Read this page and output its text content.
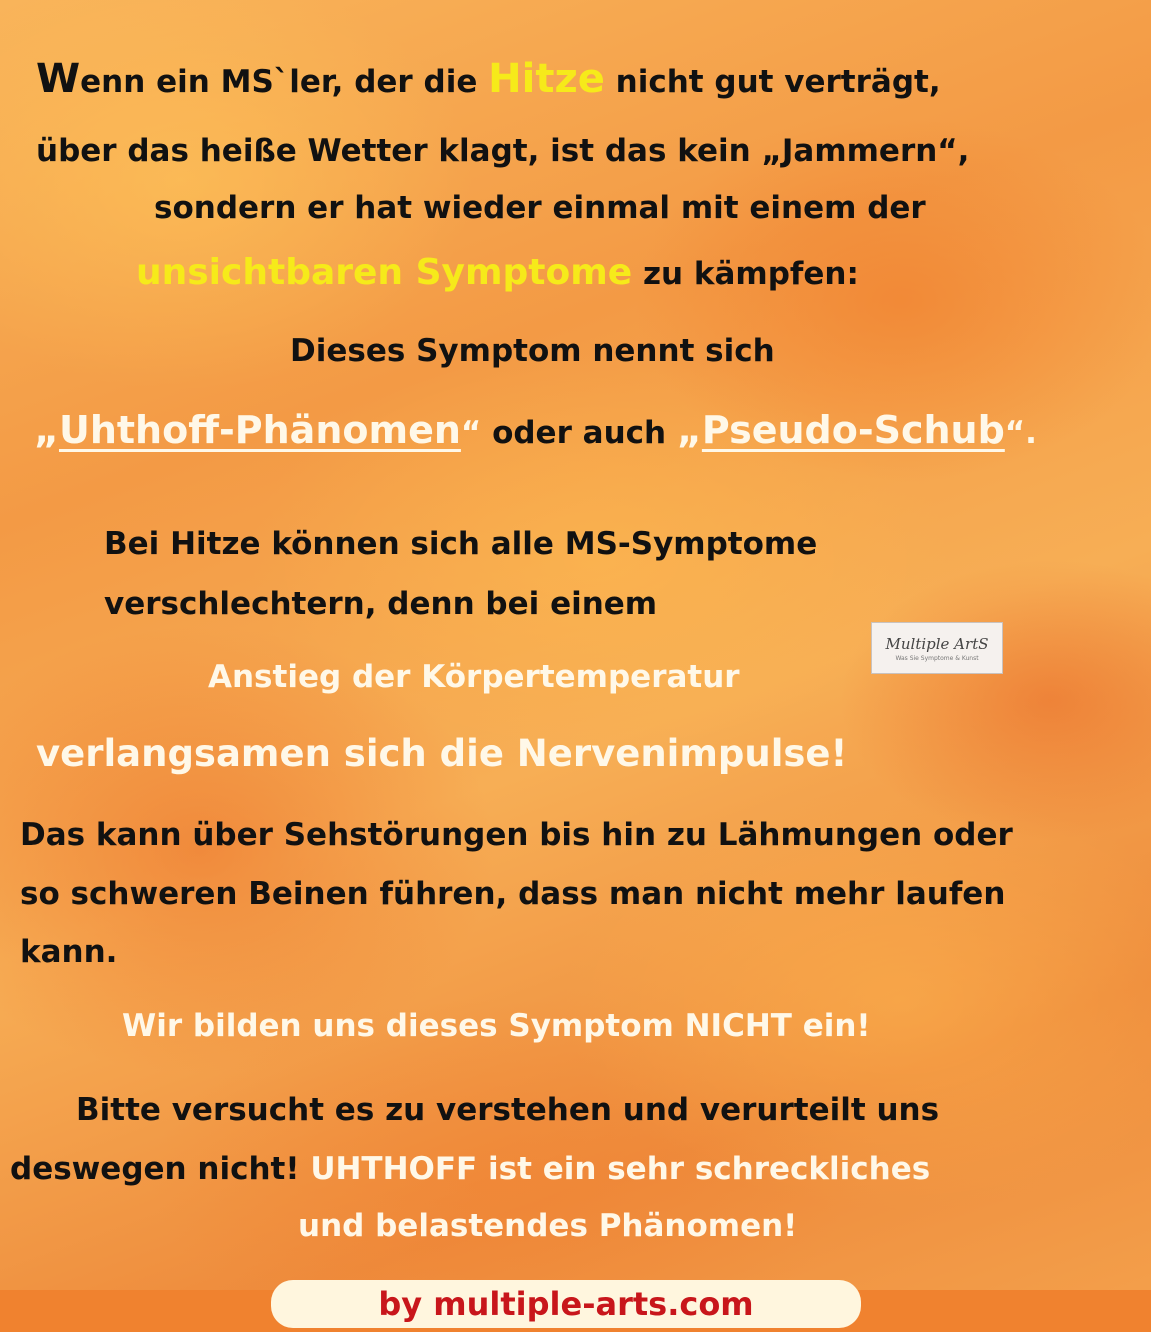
Wenn ein MS`ler, der die Hitze nicht gut verträgt,
über das heiße Wetter klagt, ist das kein „Jammern“,
sondern er hat wieder einmal mit einem der
unsichtbaren Symptome zu kämpfen:
Dieses Symptom nennt sich
„Uhthoff-Phänomen“ oder auch „Pseudo-Schub“.
Bei Hitze können sich alle MS-Symptome
verschlechtern, denn bei einem
Anstieg der Körpertemperatur
verlangsamen sich die Nervenimpulse!
Multiple ArtS
Was Sie Symptome & Kunst
Das kann über Sehstörungen bis hin zu Lähmungen oder
so schweren Beinen führen, dass man nicht mehr laufen
kann.
Wir bilden uns dieses Symptom NICHT ein!
Bitte versucht es zu verstehen und verurteilt uns
deswegen nicht! UHTHOFF ist ein sehr schreckliches
und belastendes Phänomen!
by multiple-arts.com
